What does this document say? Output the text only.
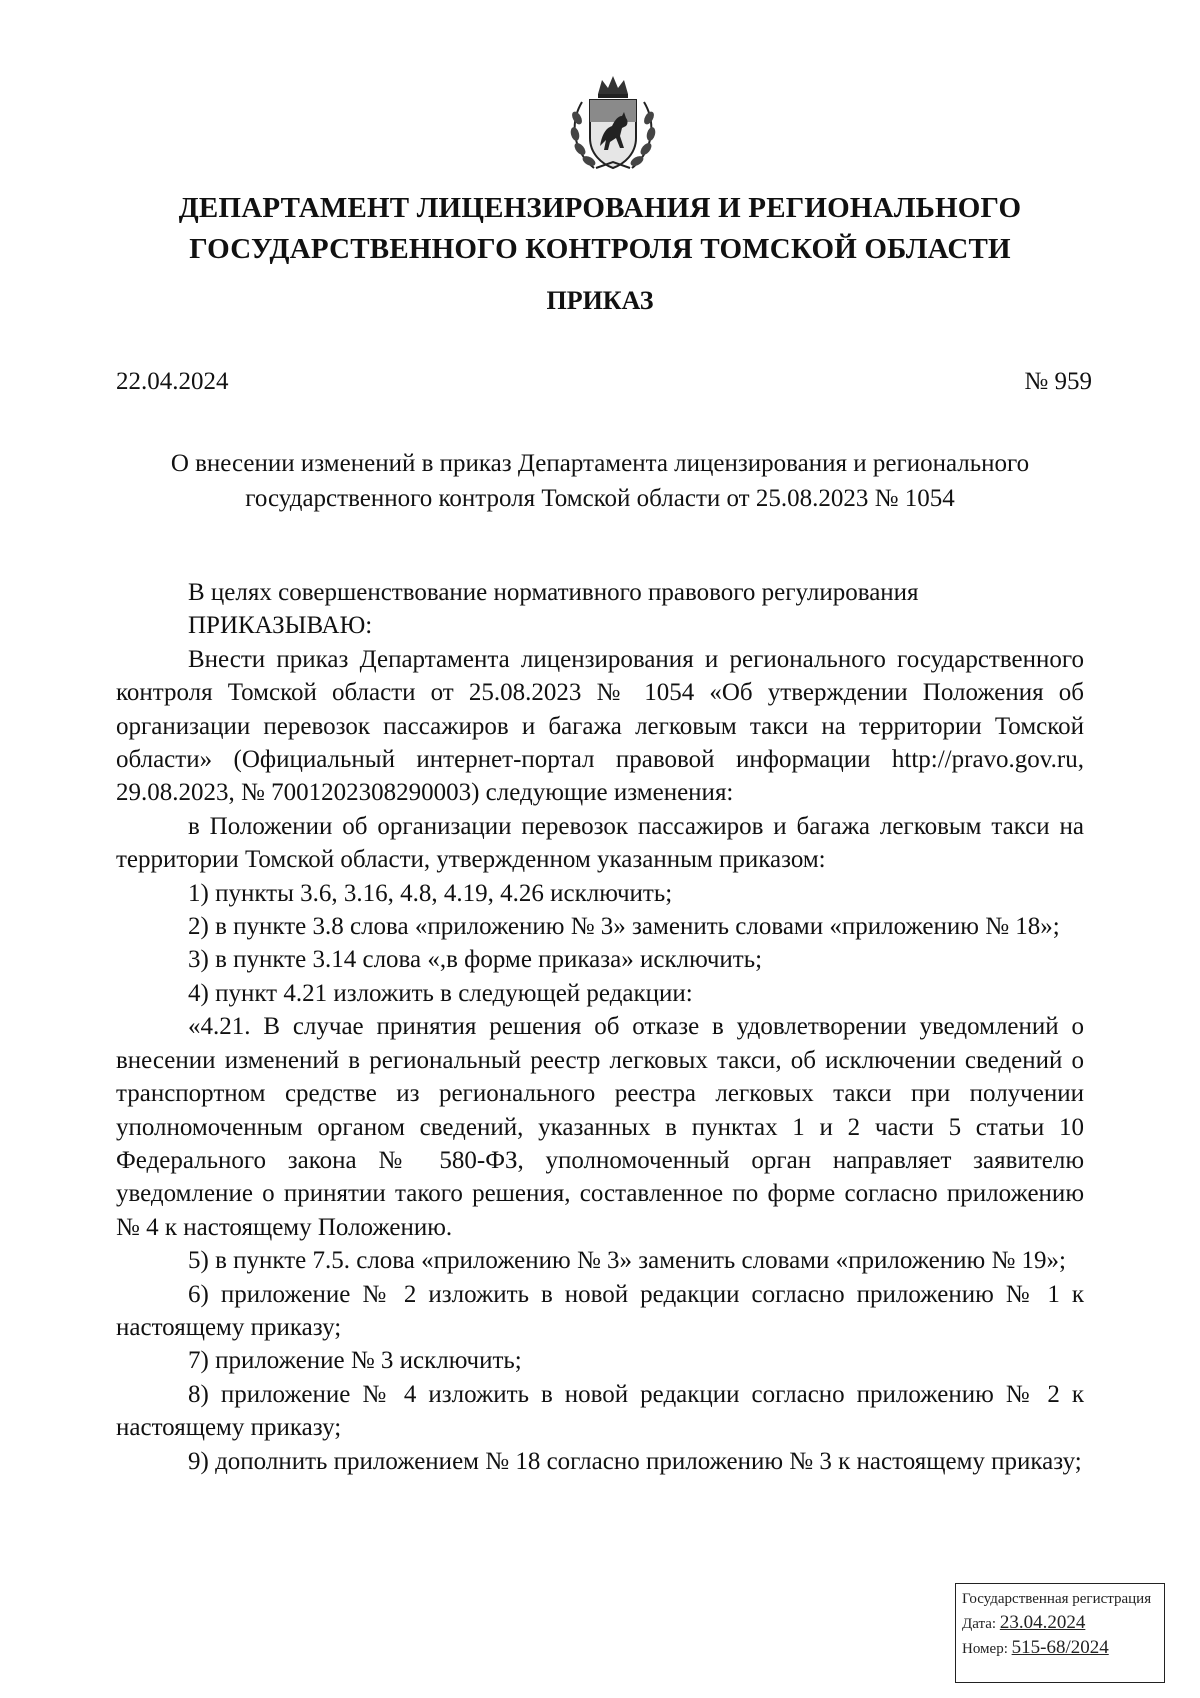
ДЕПАРТАМЕНТ ЛИЦЕНЗИРОВАНИЯ И РЕГИОНАЛЬНОГО
ГОСУДАРСТВЕННОГО КОНТРОЛЯ ТОМСКОЙ ОБЛАСТИ
ПРИКАЗ
22.04.2024	№ 959
О внесении изменений в приказ Департамента лицензирования и регионального
государственного контроля Томской области от 25.08.2023 № 1054

В целях совершенствование нормативного правового регулирования

ПРИКАЗЫВАЮ:

Внести приказ Департамента лицензирования и регионального государственного контроля Томской области от 25.08.2023 № 1054 «Об утверждении Положения об организации перевозок пассажиров и багажа легковым такси на территории Томской области» (Официальный интернет-портал правовой информации http://pravo.gov.ru, 29.08.2023, № 7001202308290003) следующие изменения:

в Положении об организации перевозок пассажиров и багажа легковым такси на территории Томской области, утвержденном указанным приказом:

1) пункты 3.6, 3.16, 4.8, 4.19, 4.26 исключить;

2) в пункте 3.8 слова «приложению № 3» заменить словами «приложению № 18»;

3) в пункте 3.14 слова «,в форме приказа» исключить;

4) пункт 4.21 изложить в следующей редакции:

«4.21. В случае принятия решения об отказе в удовлетворении уведомлений о внесении изменений в региональный реестр легковых такси, об исключении сведений о транспортном средстве из регионального реестра легковых такси при получении уполномоченным органом сведений, указанных в пунктах 1 и 2 части 5 статьи 10 Федерального закона № 580-ФЗ, уполномоченный орган направляет заявителю уведомление о принятии такого решения, составленное по форме согласно приложению № 4 к настоящему Положению.

5) в пункте 7.5. слова «приложению № 3» заменить словами «приложению № 19»;

6) приложение № 2 изложить в новой редакции согласно приложению № 1 к настоящему приказу;

7) приложение № 3 исключить;

8) приложение № 4 изложить в новой редакции согласно приложению № 2 к настоящему приказу;

9) дополнить приложением № 18 согласно приложению № 3 к настоящему приказу;

Государственная регистрация
Дата: 23.04.2024
Номер: 515-68/2024
